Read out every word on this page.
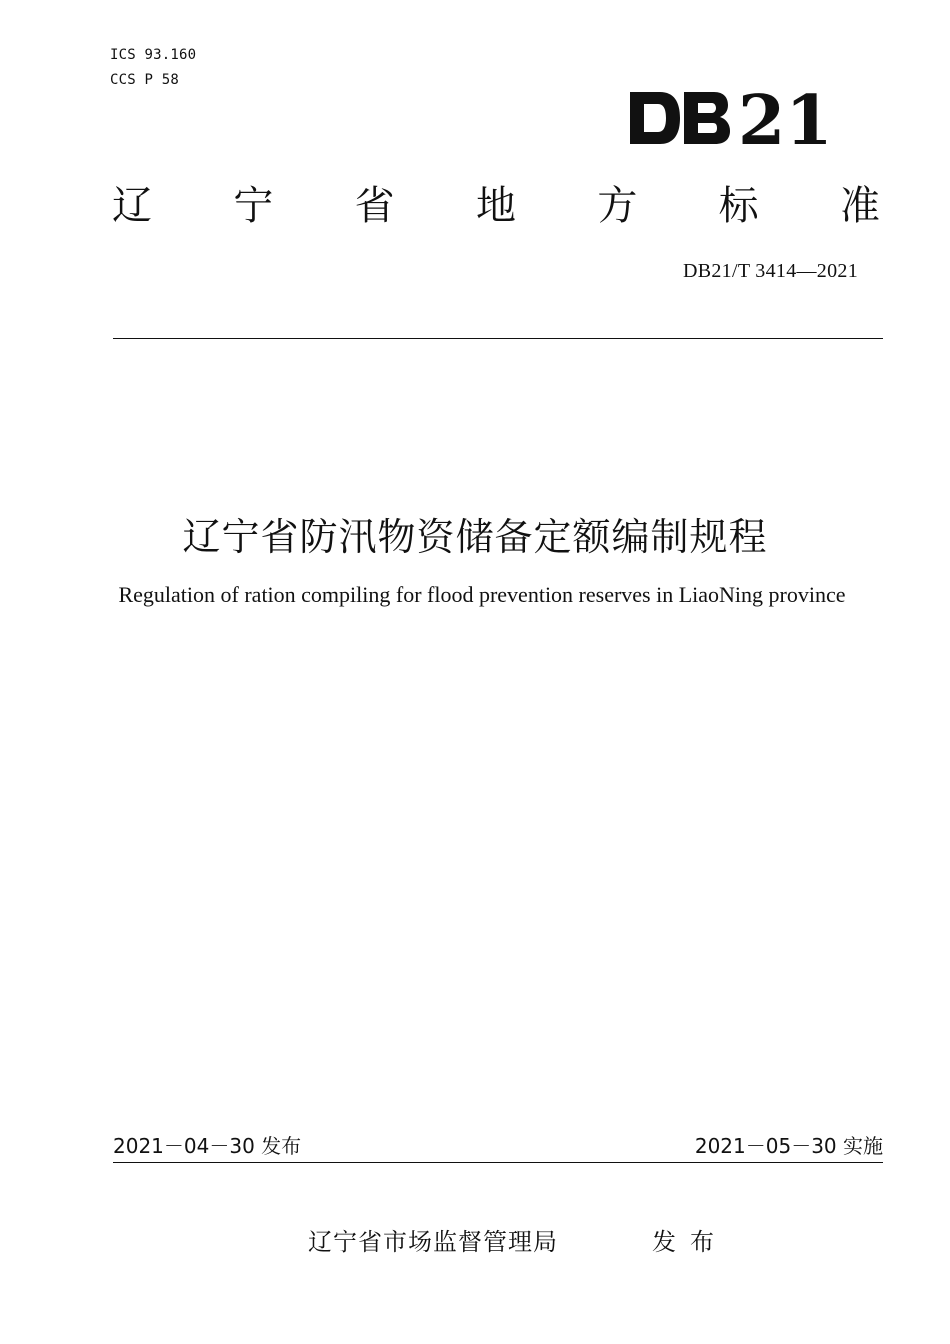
ICS 93.160
CCS P 58
21
辽 宁 省 地 方 标 准
DB21/T 3414—2021
辽宁省防汛物资储备定额编制规程
Regulation of ration compiling for flood prevention reserves in LiaoNing province
2021－04－30 发布	2021－05－30 实施
辽宁省市场监督管理局	发布
